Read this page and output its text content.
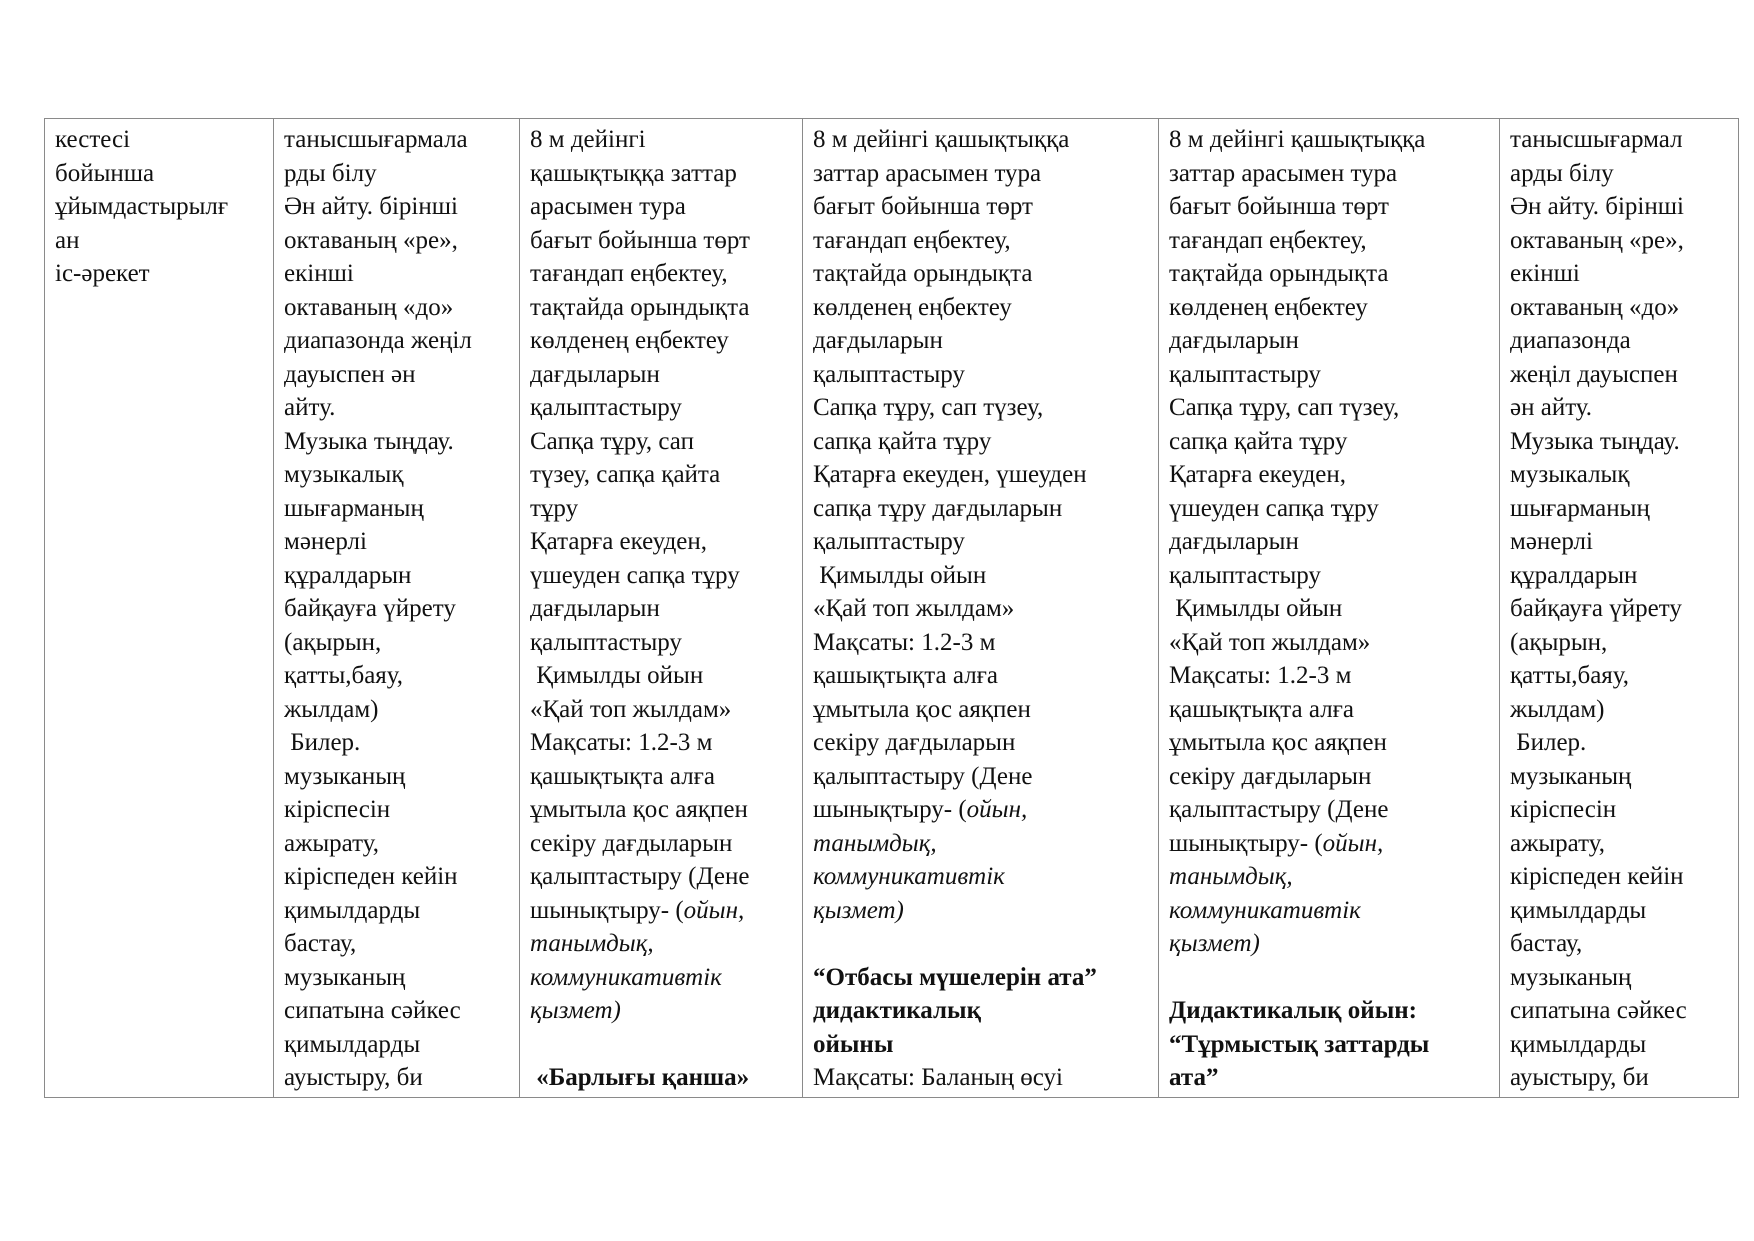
кестесі
бойынша
ұйымдастырылғ
ан
іс-әрекет

танысшығармала
рды білу
Ән айту. бірінші
октаваның «ре»,
екінші
октаваның «до»
диапазонда жеңіл
дауыспен ән
айту.
Музыка тыңдау.
музыкалық
шығарманың
мәнерлі
құралдарын
байқауға үйрету
(ақырын,
қатты,баяу,
жылдам)
Билер.
музыканың
кіріспесін
ажырату,
кіріспеден кейін
қимылдарды
бастау,
музыканың
сипатына сәйкес
қимылдарды
ауыстыру, би

8 м дейінгі
қашықтыққа заттар
арасымен тура
бағыт бойынша төрт
тағандап еңбектеу,
тақтайда орындықта
көлденең еңбектеу
дағдыларын
қалыптастыру
Сапқа тұру, сап
түзеу, сапқа қайта
тұру
Қатарға екеуден,
үшеуден сапқа тұру
дағдыларын
қалыптастыру
Қимылды ойын
«Қай топ жылдам»
Мақсаты: 1.2-3 м
қашықтықта алға
ұмытыла қос аяқпен
секіру дағдыларын
қалыптастыру (Дене
шынықтыру- (ойын,
танымдық,
коммуникативтік
қызмет)

«Барлығы қанша»

8 м дейінгі қашықтыққа
заттар арасымен тура
бағыт бойынша төрт
тағандап еңбектеу,
тақтайда орындықта
көлденең еңбектеу
дағдыларын
қалыптастыру
Сапқа тұру, сап түзеу,
сапқа қайта тұру
Қатарға екеуден, үшеуден
сапқа тұру дағдыларын
қалыптастыру
Қимылды ойын
«Қай топ жылдам»
Мақсаты: 1.2-3 м
қашықтықта алға
ұмытыла қос аяқпен
секіру дағдыларын
қалыптастыру (Дене
шынықтыру- (ойын,
танымдық,
коммуникативтік
қызмет)

“Отбасы мүшелерін ата”
дидактикалық
ойыны
Мақсаты: Баланың өсуі

8 м дейінгі қашықтыққа
заттар арасымен тура
бағыт бойынша төрт
тағандап еңбектеу,
тақтайда орындықта
көлденең еңбектеу
дағдыларын
қалыптастыру
Сапқа тұру, сап түзеу,
сапқа қайта тұру
Қатарға екеуден,
үшеуден сапқа тұру
дағдыларын
қалыптастыру
Қимылды ойын
«Қай топ жылдам»
Мақсаты: 1.2-3 м
қашықтықта алға
ұмытыла қос аяқпен
секіру дағдыларын
қалыптастыру (Дене
шынықтыру- (ойын,
танымдық,
коммуникативтік
қызмет)

Дидактикалық ойын:
“Тұрмыстық заттарды
ата”

танысшығармал
арды білу
Ән айту. бірінші
октаваның «ре»,
екінші
октаваның «до»
диапазонда
жеңіл дауыспен
ән айту.
Музыка тыңдау.
музыкалық
шығарманың
мәнерлі
құралдарын
байқауға үйрету
(ақырын,
қатты,баяу,
жылдам)
Билер.
музыканың
кіріспесін
ажырату,
кіріспеден кейін
қимылдарды
бастау,
музыканың
сипатына сәйкес
қимылдарды
ауыстыру, би
